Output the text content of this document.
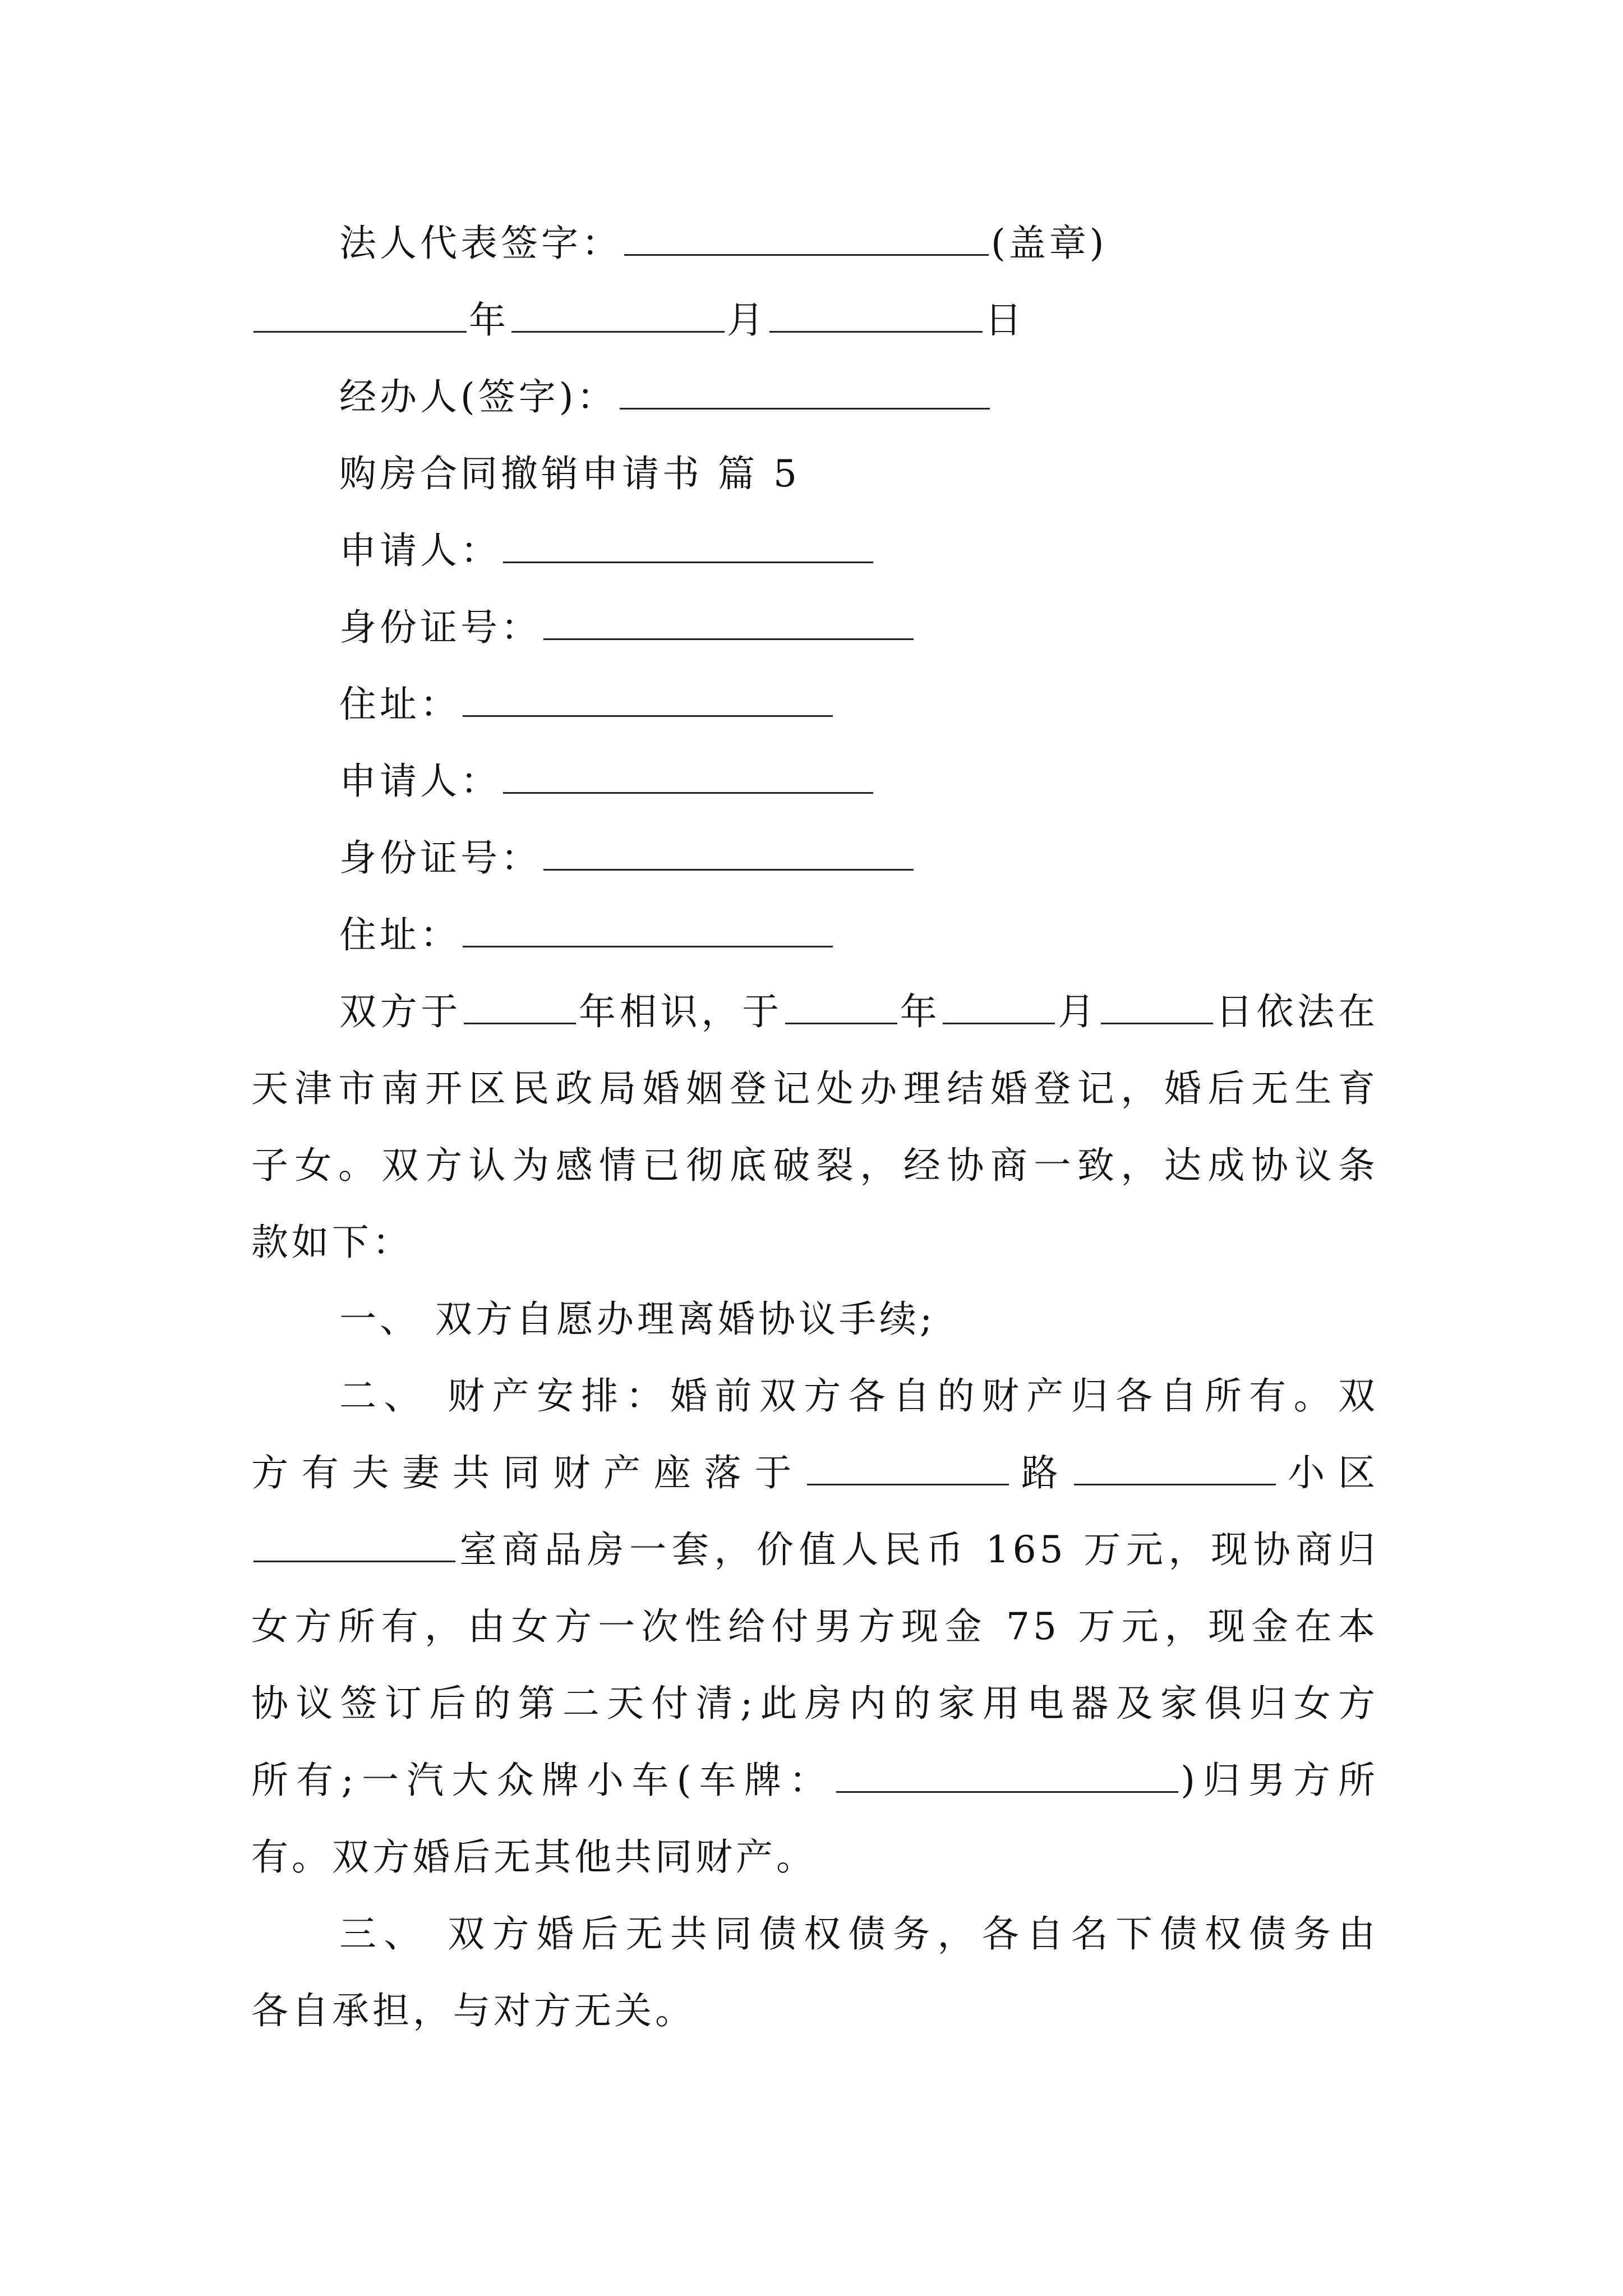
法人代表签字：	(盖章)
年	月	日
经办人(签字)：
购房合同撤销申请书 篇 5
申请人：
身份证号：
住址：
申请人：
身份证号：
住址：
双方于	年相识，于	年	月	日依法在
天津市南开区民政局婚姻登记处办理结婚登记，婚后无生育
子女。双方认为感情已彻底破裂，经协商一致，达成协议条
款如下：
一、 双方自愿办理离婚协议手续;
二、 财产安排：婚前双方各自的财产归各自所有。双
方有夫妻共同财产座落于	路	小区
室商品房一套，价值人民币 165 万元，现协商归
女方所有，由女方一次性给付男方现金 75 万元，现金在本
协议签订后的第二天付清;此房内的家用电器及家俱归女方
所有;一汽大众牌小车(车牌：	)归男方所
有。双方婚后无其他共同财产。
三、 双方婚后无共同债权债务，各自名下债权债务由
各自承担，与对方无关。
